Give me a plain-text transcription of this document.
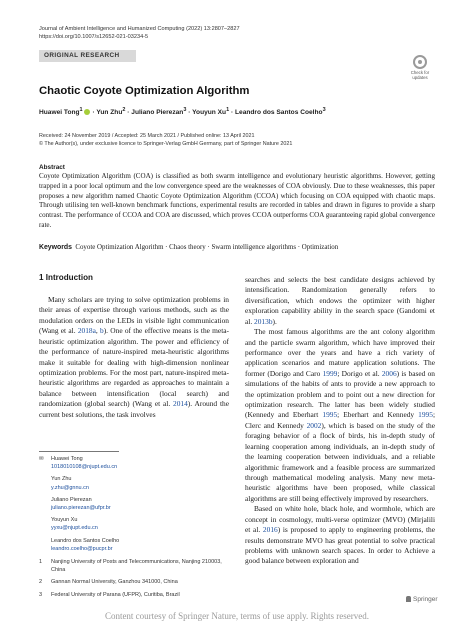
Journal of Ambient Intelligence and Humanized Computing (2022) 13:2807–2827
https://doi.org/10.1007/s12652-021-03234-5
ORIGINAL RESEARCH
Check for
updates
Chaotic Coyote Optimization Algorithm
Huawei Tong$^1$ · Yun Zhu$^2$ · Juliano Pierezan$^3$ · Youyun $Xu^1$ · Leandro dos Santos Coelho$^3$
Received: 24 November 2019 / Accepted: 25 March 2021 / Published online: 13 April 2021
© The Author(s), under exclusive licence to Springer-Verlag GmbH Germany, part of Springer Nature 2021
Abstract
Coyote Optimization Algorithm (COA) is classified as both swarm intelligence and evolutionary heuristic algorithms. However, getting trapped in a poor local optimum and the low convergence speed are the weaknesses of COA obviously. Due to these weaknesses, this paper proposes a new algorithm named Chaotic Coyote Optimization Algorithm (CCOA) which focusing on COA equipped with chaotic maps. Through utilising ten well-known benchmark functions, experimental results are recorded in tables and drawn in figures to provide a sharp contrast. The performance of CCOA and COA are discussed, which proves CCOA outperforms COA guaranteeing rapid global convergence rate.
Keywords Coyote Optimization Algorithm · Chaos theory · Swarm intelligence algorithms · Optimization
1 Introduction

Many scholars are trying to solve optimization problems in their areas of expertise through various methods, such as the modulation orders on the LEDs in visible light communication (Wang et al. 2018a, b). One of the effective means is the meta-heuristic optimization algorithm. The power and efficiency of the performance of nature-inspired meta-heuristic algorithms make it suitable for dealing with high-dimension nonlinear optimization problems. For the most part, nature-inspired meta-heuristic algorithms are regarded as approaches to maintain a balance between intensification (local search) and randomization (global search) (Wang et al. 2014). Around the current best solutions, the task involves

✉ Huawei Tong
1018010108@njupt.edu.cn
Yun Zhu
y.zhu@gnnu.cn
Juliano Pierezan
juliano.pierezan@ufpr.br
Youyun Xu
yyxu@njupt.edu.cn
Leandro dos Santos Coelho
leandro.coelho@pucpr.br
1 Nanjing University of Posts and Telecommunications, Nanjing 210003, China
2 Gannan Normal University, Ganzhou 341000, China
3 Federal University of Parana (UFPR), Curitiba, Brazil

searches and selects the best candidate designs achieved by intensification. Randomization generally refers to diversification, which endows the optimizer with higher exploration capability ability in the search space (Gandomi et al. 2013b).

The most famous algorithms are the ant colony algorithm and the particle swarm algorithm, which have improved their performance over the years and have a rich variety of application scenarios and mature application solutions. The former (Dorigo and Caro 1999; Dorigo et al. 2006) is based on simulations of the habits of ants to provide a new approach to the optimization problem and to point out a new direction for optimization research. The latter has been widely studied (Kennedy and Eberhart 1995; Eberhart and Kennedy 1995; Clerc and Kennedy 2002), which is based on the study of the foraging behavior of a flock of birds, his in-depth study of learning cooperation among individuals, an in-depth study of the learning cooperation between individuals, and a reliable algorithmic framework and a feasible process are summarized through mathematical modeling analysis. Many new meta-heuristic algorithms have been proposed, while classical algorithms are still being effectively improved by researchers.

Based on white hole, black hole, and wormhole, which are concept in cosmology, multi-verse optimizer (MVO) (Mirjalili et al. 2016) is proposed to apply to engineering problems, the results demonstrate MVO has great potential to solve practical problems with unknown search spaces. In order to Achieve a good balance between exploration and

Springer
Content courtesy of Springer Nature, terms of use apply. Rights reserved.
